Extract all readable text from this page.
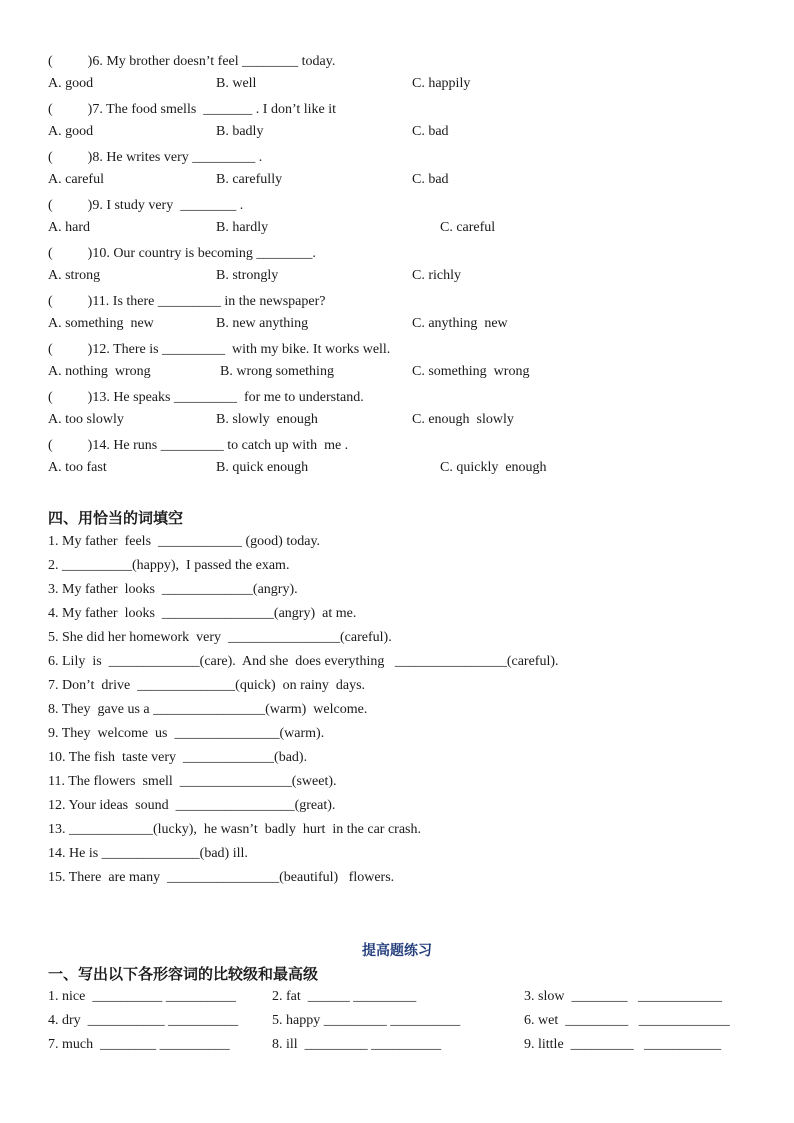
(          )6. My brother doesn’t feel ________ today.
A. good	B. well	C. happily
(          )7. The food smells  _______ . I don’t like it
A. good	B. badly	C. bad
(          )8. He writes very _________ .
A. careful	B. carefully	C. bad
(          )9. I study very  ________ .
A. hard	B. hardly	C. careful
(          )10. Our country is becoming ________.
A. strong	B. strongly	C. richly
(          )11. Is there _________ in the newspaper?
A. something  new	B. new anything	C. anything  new
(          )12. There is _________  with my bike. It works well.
A. nothing  wrong	B. wrong something	C. something  wrong
(          )13. He speaks _________  for me to understand.
A. too slowly	B. slowly  enough	C. enough  slowly
(          )14. He runs _________ to catch up with  me .
A. too fast	B. quick enough	C. quickly  enough
四、用恰当的词填空
1. My father  feels  ____________ (good) today.
2. __________(happy),  I passed the exam.
3. My father  looks  _____________(angry).
4. My father  looks  ________________(angry)  at me.
5. She did her homework  very  ________________(careful).
6. Lily  is  _____________(care).  And she  does everything   ________________(careful).
7. Don’t  drive  ______________(quick)  on rainy  days.
8. They  gave us a ________________(warm)  welcome.
9. They  welcome  us  _______________(warm).
10. The fish  taste very  _____________(bad).
11. The flowers  smell  ________________(sweet).
12. Your ideas  sound  _________________(great).
13. ____________(lucky),  he wasn’t  badly  hurt  in the car crash.
14. He is ______________(bad) ill.
15. There  are many  ________________(beautiful)   flowers.
提高题练习
一、写出以下各形容词的比较级和最高级
1. nice  __________ __________	2. fat  ______ _________	3. slow  ________   ____________
4. dry  ___________ __________ 5. happy _________ __________	6. wet  _________   _____________
7. much  ________ __________	8. ill  _________ __________	9. little  _________   ___________
